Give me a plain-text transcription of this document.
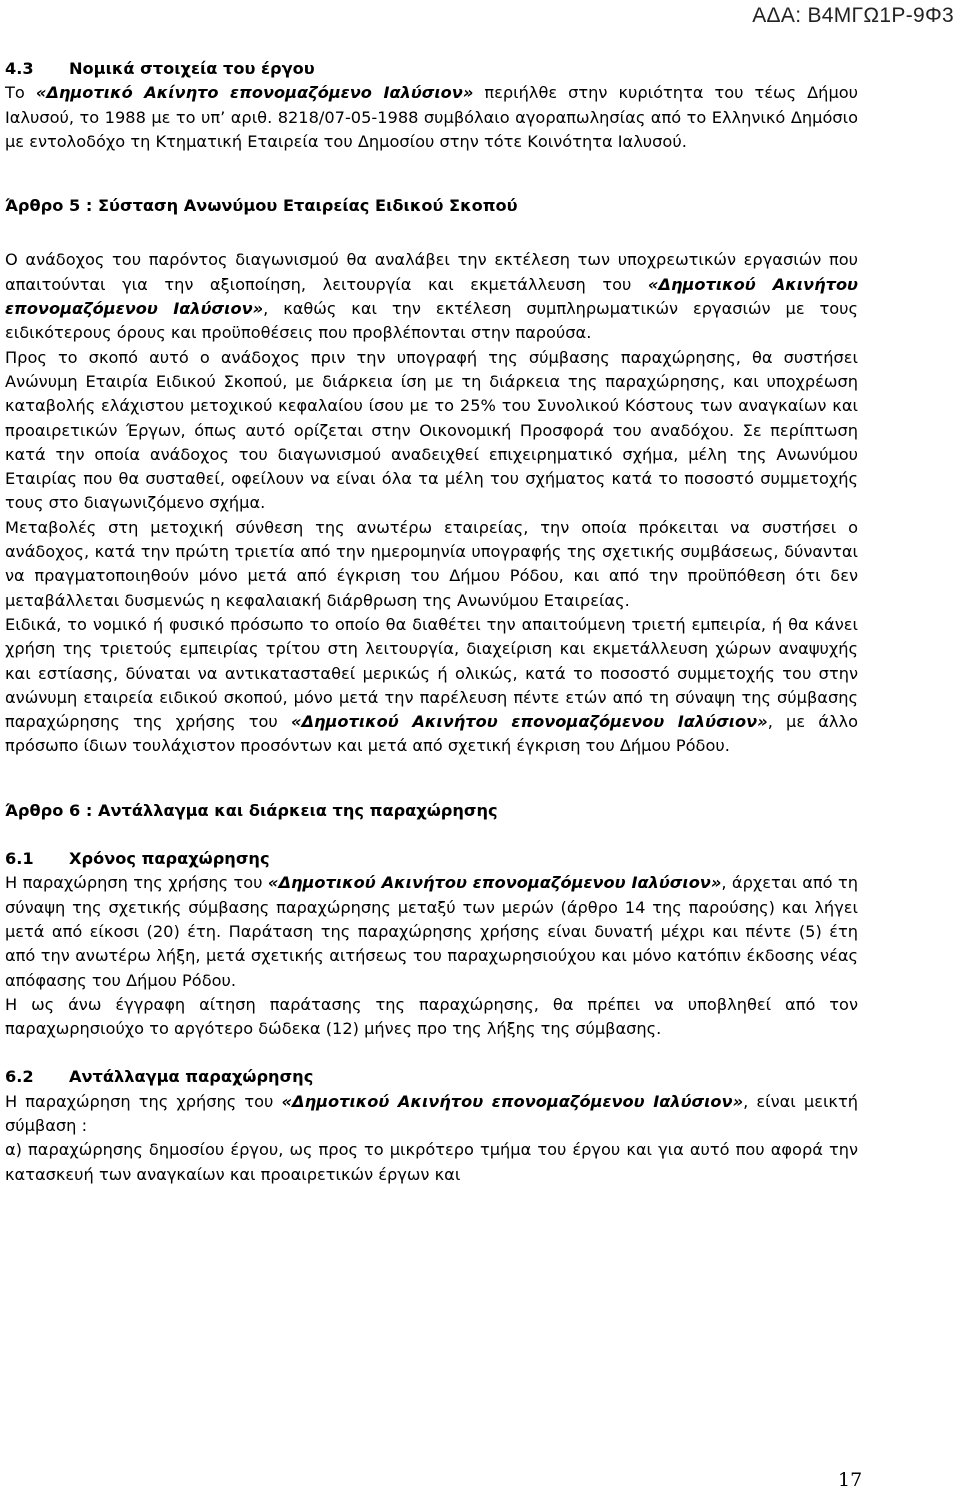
ΑΔΑ: Β4ΜΓΩ1Ρ-9Φ3
4.3 Νομικά στοιχεία του έργου

Το «Δημοτικό Ακίνητο επονομαζόμενο Ιαλύσιον» περιήλθε στην κυριότητα του τέως Δήμου Ιαλυσού, το 1988 με το υπ’ αριθ. 8218/07-05-1988 συμβόλαιο αγοραπωλησίας από το Ελληνικό Δημόσιο με εντολοδόχο τη Κτηματική Εταιρεία του Δημοσίου στην τότε Κοινότητα Ιαλυσού.

Άρθρο 5 : Σύσταση Ανωνύμου Εταιρείας Ειδικού Σκοπού

Ο ανάδοχος του παρόντος διαγωνισμού θα αναλάβει την εκτέλεση των υποχρεωτικών εργασιών που απαιτούνται για την αξιοποίηση, λειτουργία και εκμετάλλευση του «Δημοτικού Ακινήτου επονομαζόμενου Ιαλύσιον», καθώς και την εκτέλεση συμπληρωματικών εργασιών με τους ειδικότερους όρους και προϋποθέσεις που προβλέπονται στην παρούσα.

Προς το σκοπό αυτό ο ανάδοχος πριν την υπογραφή της σύμβασης παραχώρησης, θα συστήσει Ανώνυμη Εταιρία Ειδικού Σκοπού, με διάρκεια ίση με τη διάρκεια της παραχώρησης, και υποχρέωση καταβολής ελάχιστου μετοχικού κεφαλαίου ίσου με το 25% του Συνολικού Κόστους των αναγκαίων και προαιρετικών Έργων, όπως αυτό ορίζεται στην Οικονομική Προσφορά του αναδόχου. Σε περίπτωση κατά την οποία ανάδοχος του διαγωνισμού αναδειχθεί επιχειρηματικό σχήμα, μέλη της Ανωνύμου Εταιρίας που θα συσταθεί, οφείλουν να είναι όλα τα μέλη του σχήματος κατά το ποσοστό συμμετοχής τους στο διαγωνιζόμενο σχήμα.

Μεταβολές στη μετοχική σύνθεση της ανωτέρω εταιρείας, την οποία πρόκειται να συστήσει ο ανάδοχος, κατά την πρώτη τριετία από την ημερομηνία υπογραφής της σχετικής συμβάσεως, δύνανται να πραγματοποιηθούν μόνο μετά από έγκριση του Δήμου Ρόδου, και από την προϋπόθεση ότι δεν μεταβάλλεται δυσμενώς η κεφαλαιακή διάρθρωση της Ανωνύμου Εταιρείας.

Ειδικά, το νομικό ή φυσικό πρόσωπο το οποίο θα διαθέτει την απαιτούμενη τριετή εμπειρία, ή θα κάνει χρήση της τριετούς εμπειρίας τρίτου στη λειτουργία, διαχείριση και εκμετάλλευση χώρων αναψυχής και εστίασης, δύναται να αντικατασταθεί μερικώς ή ολικώς, κατά το ποσοστό συμμετοχής του στην ανώνυμη εταιρεία ειδικού σκοπού, μόνο μετά την παρέλευση πέντε ετών από τη σύναψη της σύμβασης παραχώρησης της χρήσης του «Δημοτικού Ακινήτου επονομαζόμενου Ιαλύσιον», με άλλο πρόσωπο ίδιων τουλάχιστον προσόντων και μετά από σχετική έγκριση του Δήμου Ρόδου.

Άρθρο 6 : Αντάλλαγμα και διάρκεια της παραχώρησης
6.1 Χρόνος παραχώρησης

Η παραχώρηση της χρήσης του «Δημοτικού Ακινήτου επονομαζόμενου Ιαλύσιον», άρχεται από τη σύναψη της σχετικής σύμβασης παραχώρησης μεταξύ των μερών (άρθρο 14 της παρούσης) και λήγει μετά από είκοσι (20) έτη. Παράταση της παραχώρησης χρήσης είναι δυνατή μέχρι και πέντε (5) έτη από την ανωτέρω λήξη, μετά σχετικής αιτήσεως του παραχωρησιούχου και μόνο κατόπιν έκδοσης νέας απόφασης του Δήμου Ρόδου.

Η ως άνω έγγραφη αίτηση παράτασης της παραχώρησης, θα πρέπει να υποβληθεί από τον παραχωρησιούχο το αργότερο δώδεκα (12) μήνες προ της λήξης της σύμβασης.

6.2 Αντάλλαγμα παραχώρησης

Η παραχώρηση της χρήσης του «Δημοτικού Ακινήτου επονομαζόμενου Ιαλύσιον», είναι μεικτή σύμβαση :

α) παραχώρησης δημοσίου έργου, ως προς το μικρότερο τμήμα του έργου και για αυτό που αφορά την κατασκευή των αναγκαίων και προαιρετικών έργων και

17
